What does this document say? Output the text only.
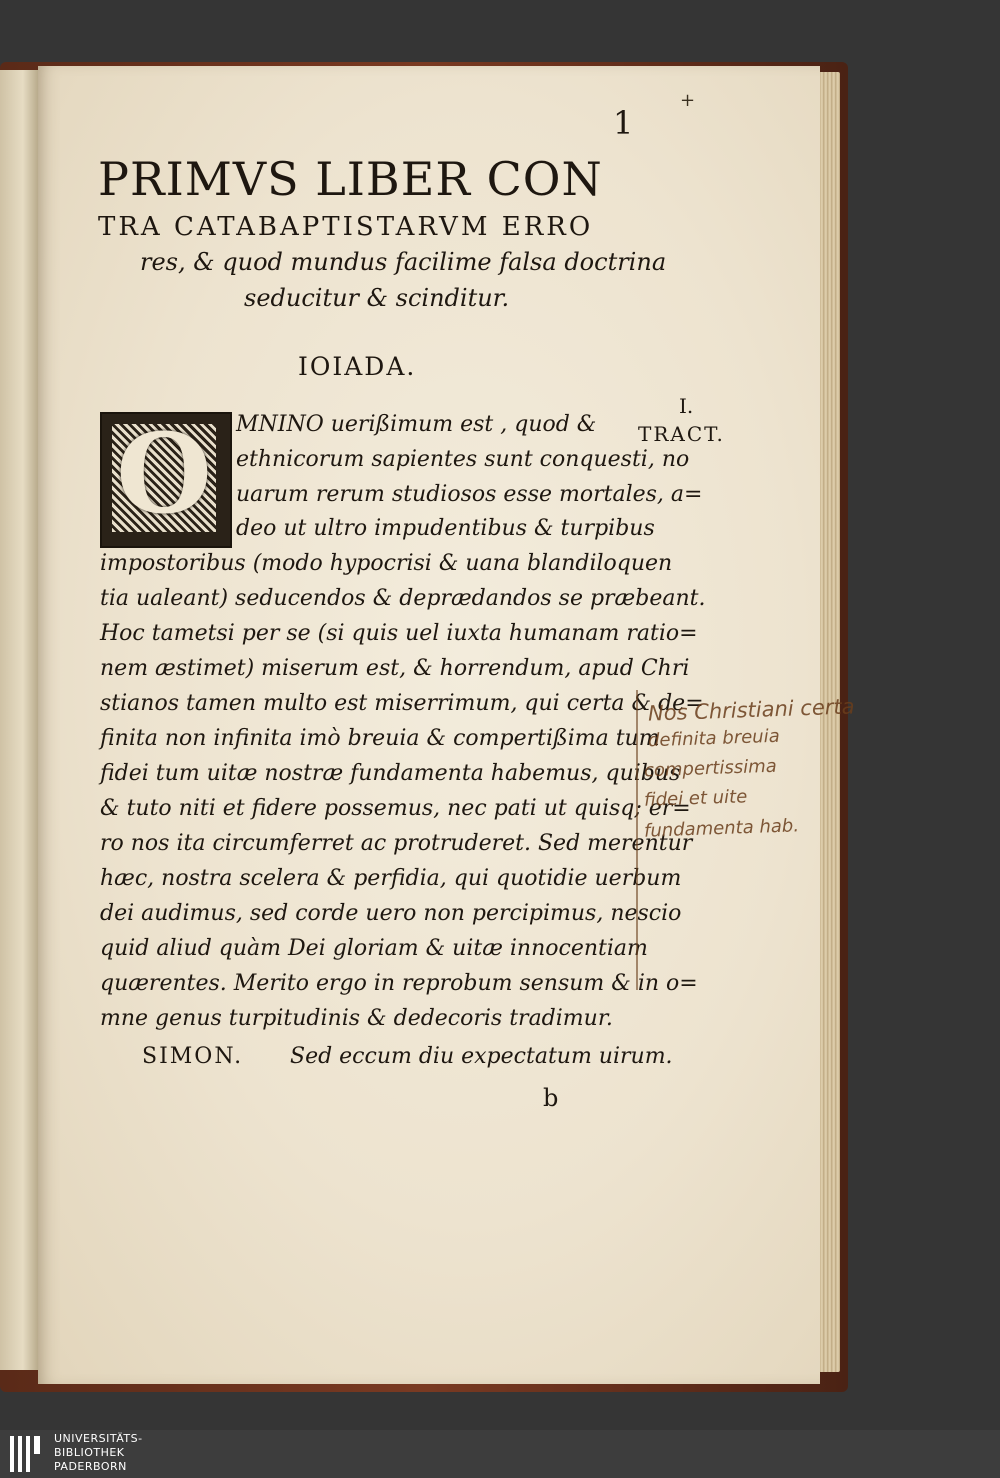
1
+
PRIMVS LIBER CON
TRA CATABAPTISTARVM ERRO
res, & quod mundus facilime falsa doctrina
seducitur & scinditur.
IOIADA.
O	MNINO uerißimum est , quod &
ethnicorum sapientes sunt conquesti, no
uarum rerum studiosos esse mortales, a=
deo ut ultro impudentibus & turpibus
impostoribus (modo hypocrisi & uana blandiloquen
tia ualeant) seducendos & deprædandos se præbeant.
Hoc tametsi per se (si quis uel iuxta humanam ratio=
nem æstimet) miserum est, & horrendum, apud Chri
stianos tamen multo est miserrimum, qui certa & de=
finita non infinita imò breuia & compertißima tum
fidei tum uitæ nostræ fundamenta habemus, quibus
& tuto niti et fidere possemus, nec pati ut quisq; er=
ro nos ita circumferret ac protruderet. Sed merentur
hæc, nostra scelera & perfidia, qui quotidie uerbum
dei audimus, sed corde uero non percipimus, nescio
quid aliud quàm Dei gloriam & uitæ innocentiam
quærentes. Merito ergo in reprobum sensum & in o=
mne genus turpitudinis & dedecoris tradimur.
SIMON. Sed eccum diu expectatum uirum.
b
I.
TRACT.
Nos Christiani certa
definita breuia
compertissima
fidei et uite
fundamenta hab.
UNIVERSITÄTS-
BIBLIOTHEK
PADERBORN
